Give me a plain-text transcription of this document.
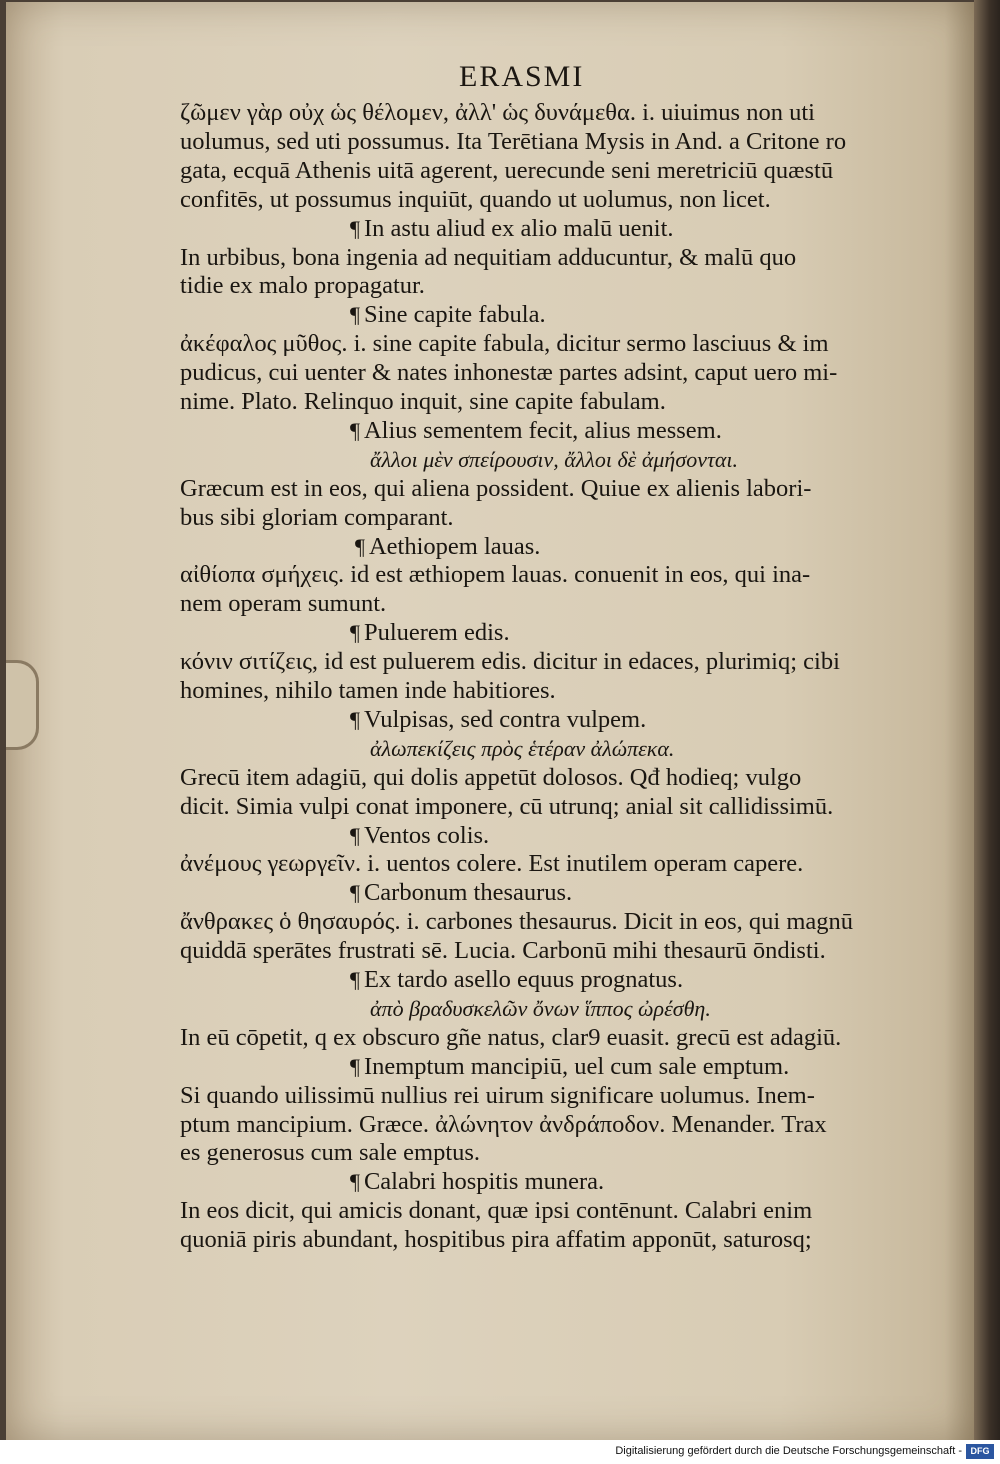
ERASMI
ζῶμεν γὰρ οὐχ ὡς θέλομεν, ἀλλ' ὡς δυνάμεθα. i. uiuimus non uti
uolumus, sed uti possumus. Ita Terētiana Mysis in And. a Critone ro
gata, ecquā Athenis uitā agerent, uerecunde seni meretriciū quæstū
confitēs, ut possumus inquiūt, quando ut uolumus, non licet.
¶ In astu aliud ex alio malū uenit.
In urbibus, bona ingenia ad nequitiam adducuntur, & malū quo
tidie ex malo propagatur.
¶ Sine capite fabula.
ἀκέφαλος μῦθος. i. sine capite fabula, dicitur sermo lasciuus & im
pudicus, cui uenter & nates inhonestæ partes adsint, caput uero mi-
nime. Plato. Relinquo inquit, sine capite fabulam.
¶ Alius sementem fecit, alius messem.
ἄλλοι μὲν σπείρουσιν, ἄλλοι δὲ ἀμήσονται.
Græcum est in eos, qui aliena possident. Quiue ex alienis labori-
bus sibi gloriam comparant.
¶ Aethiopem lauas.
αἰθίοπα σμήχεις. id est æthiopem lauas. conuenit in eos, qui ina-
nem operam sumunt.
¶ Puluerem edis.
κόνιν σιτίζεις, id est puluerem edis. dicitur in edaces, plurimiq; cibi
homines, nihilo tamen inde habitiores.
¶ Vulpisas, sed contra vulpem.
ἀλωπεκίζεις πρὸς ἑτέραν ἀλώπεκα.
Grecū item adagiū, qui dolis appetūt dolosos. Qđ hodieq; vulgo
dicit. Simia vulpi conat imponere, cū utrunq; anial sit callidissimū.
¶ Ventos colis.
ἀνέμους γεωργεῖν. i. uentos colere. Est inutilem operam capere.
¶ Carbonum thesaurus.
ἄνθρακες ὁ θησαυρός. i. carbones thesaurus. Dicit in eos, qui magnū
quiddā sperātes frustrati sē. Lucia. Carbonū mihi thesaurū ōndisti.
¶ Ex tardo asello equus prognatus.
ἀπὸ βραδυσκελῶν ὄνων ἵππος ὠρέσθη.
In eū cōpetit, q ex obscuro gñe natus, clar9 euasit. grecū est adagiū.
¶ Inemptum mancipiū, uel cum sale emptum.
Si quando uilissimū nullius rei uirum significare uolumus. Inem-
ptum mancipium. Græce. ἀλώνητον ἀνδράποδον. Menander. Trax
es generosus cum sale emptus.
¶ Calabri hospitis munera.
In eos dicit, qui amicis donant, quæ ipsi contēnunt. Calabri enim
quoniā piris abundant, hospitibus pira affatim apponūt, saturosq;
Digitalisierung gefördert durch die Deutsche Forschungsgemeinschaft - DFG
